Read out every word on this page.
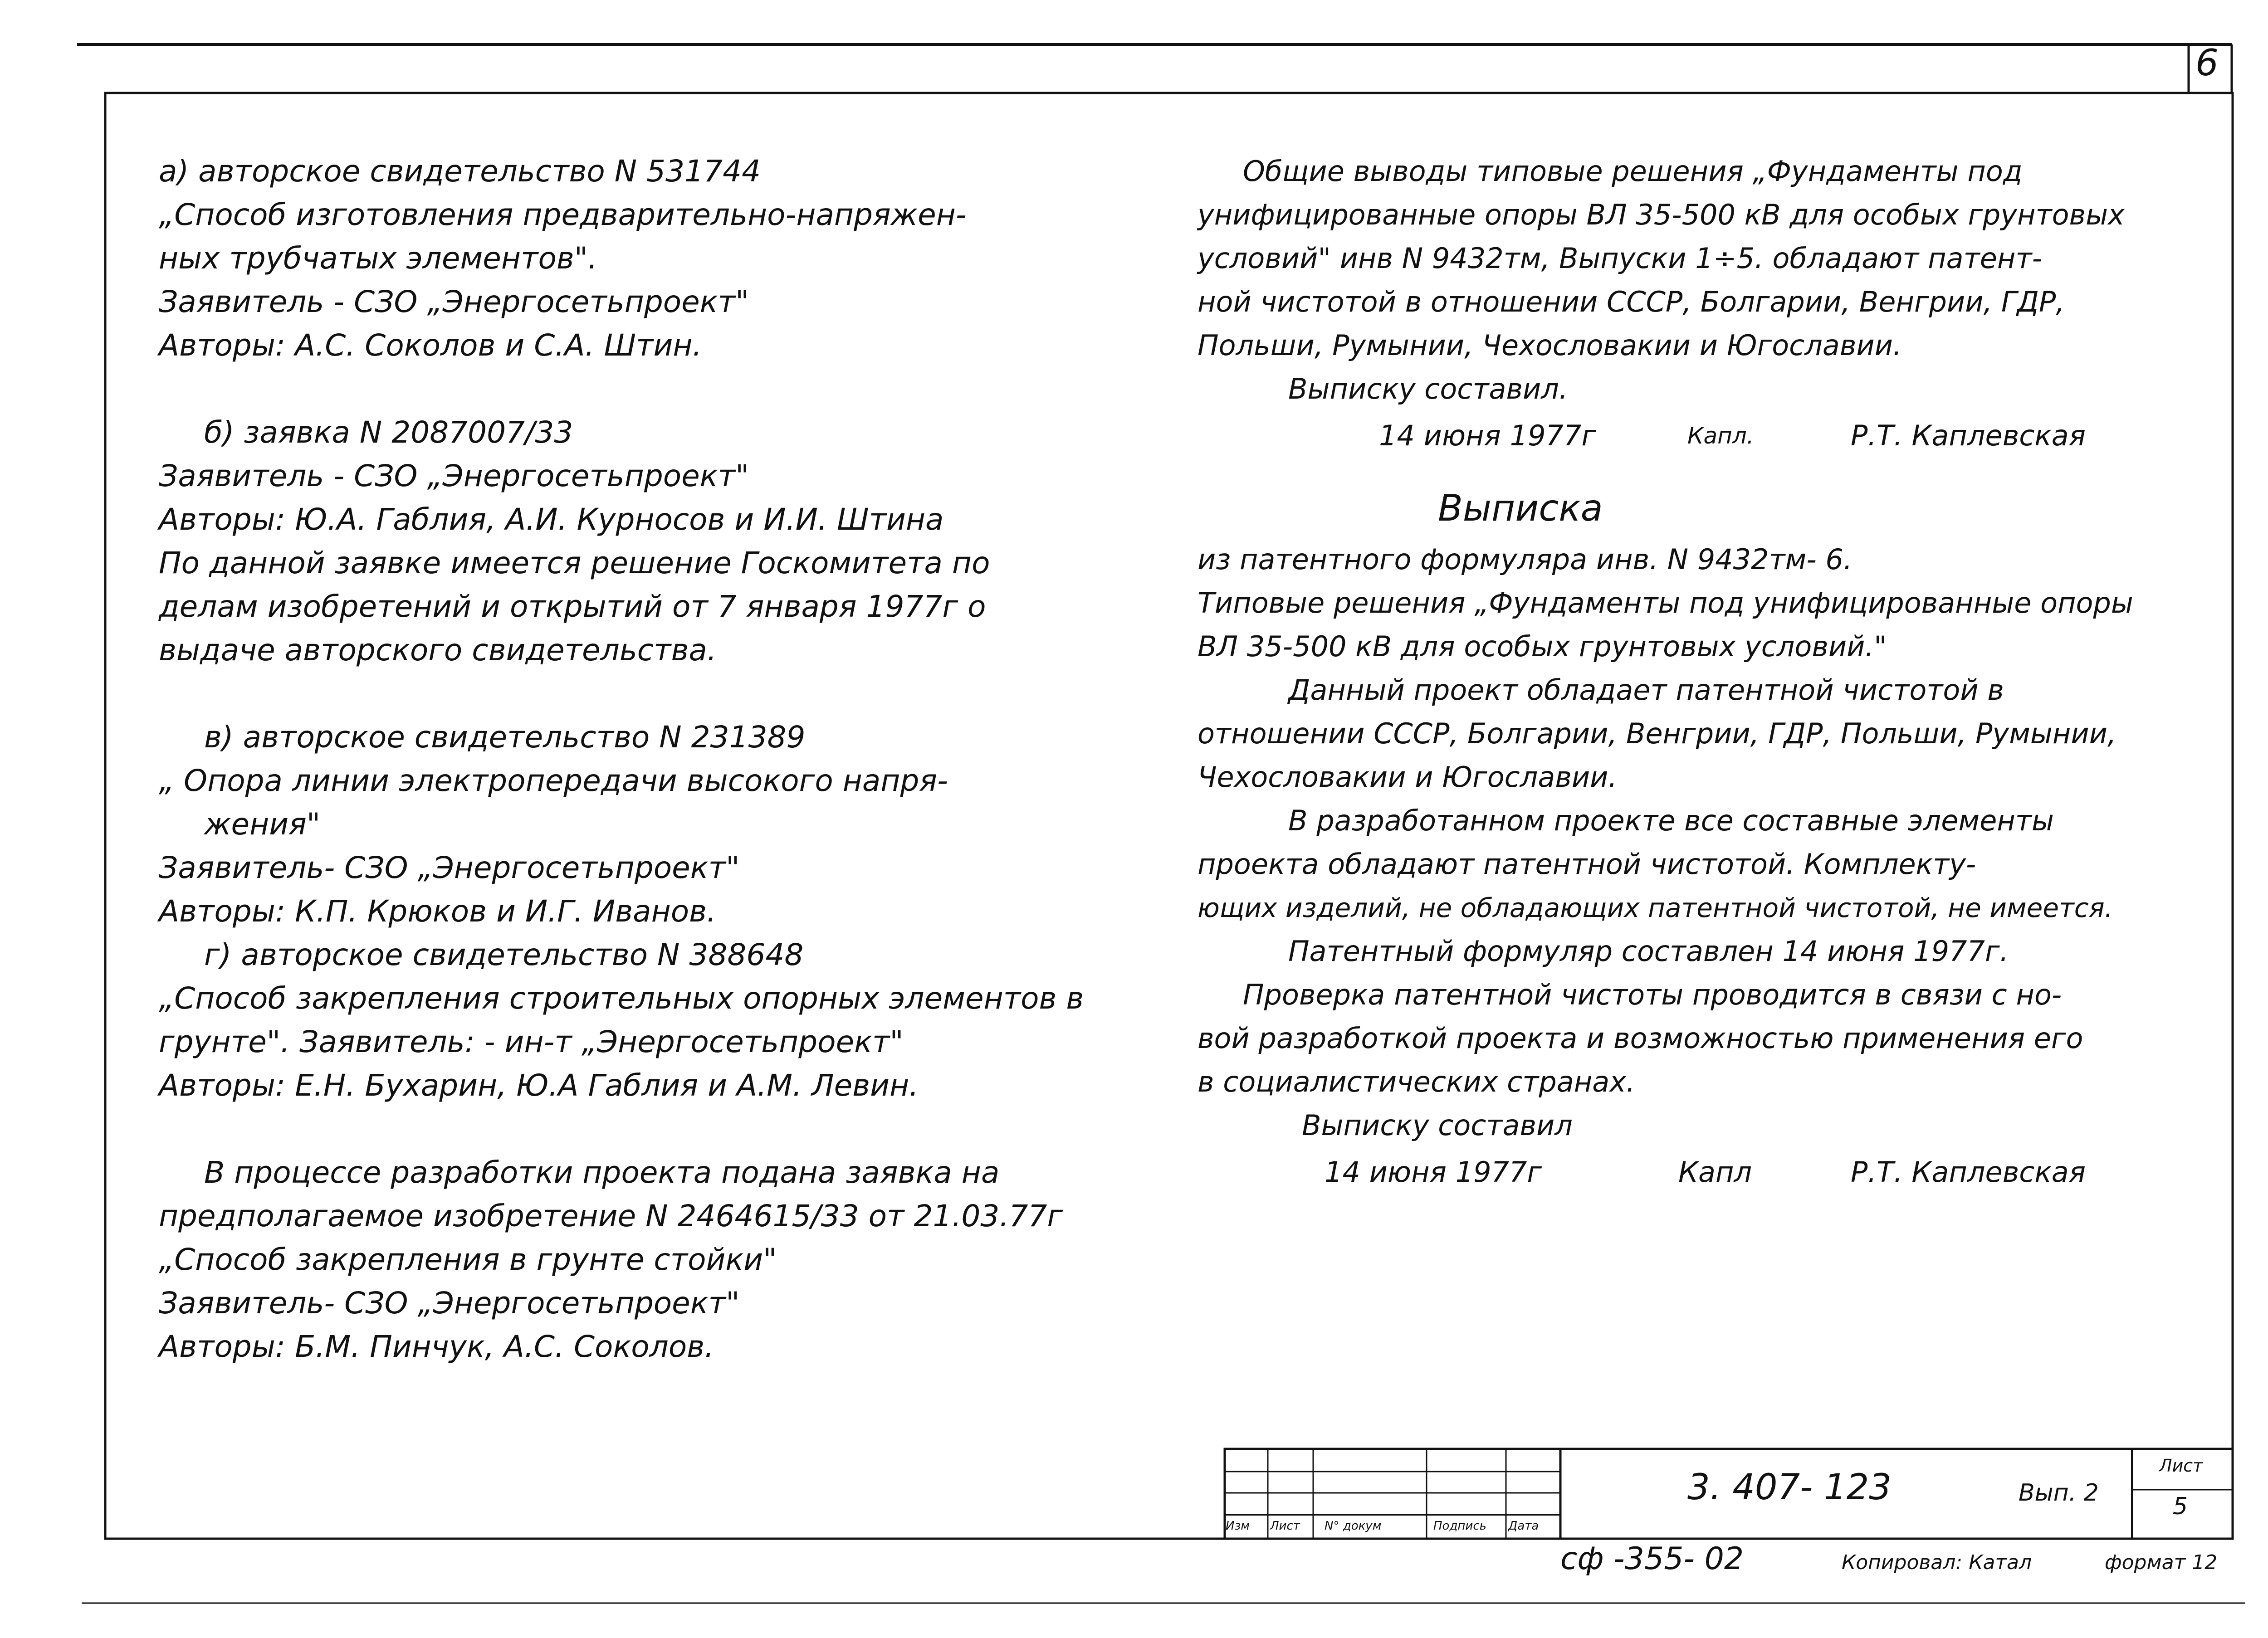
6
а) авторское свидетельство N 531744
„Способ изготовления предварительно-напряжен-
ных трубчатых элементов".
Заявитель - СЗО „Энергосетьпроект"
Авторы: А.С. Соколов и С.А. Штин.
б) заявка N 2087007/33
Заявитель - СЗО „Энергосетьпроект"
Авторы: Ю.А. Габлия, А.И. Курносов и И.И. Штина
По данной заявке имеется решение Госкомитета по
делам изобретений и открытий от 7 января 1977г о
выдаче авторского свидетельства.
в) авторское свидетельство N 231389
„ Опора линии электропередачи высокого напря-
жения"
Заявитель- СЗО „Энергосетьпроект"
Авторы: К.П. Крюков и И.Г. Иванов.
г) авторское свидетельство N 388648
„Способ закрепления строительных опорных элементов в
грунте". Заявитель: - ин-т „Энергосетьпроект"
Авторы: Е.Н. Бухарин, Ю.А Габлия и А.М. Левин.
В процессе разработки проекта подана заявка на
предполагаемое изобретение N 2464615/33 от 21.03.77г
„Способ закрепления в грунте стойки"
Заявитель- СЗО „Энергосетьпроект"
Авторы: Б.М. Пинчук, А.С. Соколов.
Общие выводы типовые решения „Фундаменты под
унифицированные опоры ВЛ 35-500 кВ для особых грунтовых
условий" инв N 9432тм, Выпуски 1÷5. обладают патент-
ной чистотой в отношении СССР, Болгарии, Венгрии, ГДР,
Польши, Румынии, Чехословакии и Югославии.
Выписку составил.
14 июня 1977г	Капл.	Р.Т. Каплевская
Выписка
из патентного формуляра инв. N 9432тм- 6.
Типовые решения „Фундаменты под унифицированные опоры
ВЛ 35-500 кВ для особых грунтовых условий."
Данный проект обладает патентной чистотой в
отношении СССР, Болгарии, Венгрии, ГДР, Польши, Румынии,
Чехословакии и Югославии.
В разработанном проекте все составные элементы
проекта обладают патентной чистотой. Комплекту-
ющих изделий, не обладающих патентной чистотой, не имеется.
Патентный формуляр составлен 14 июня 1977г.
Проверка патентной чистоты проводится в связи с но-
вой разработкой проекта и возможностью применения его
в социалистических странах.
Выписку составил
14 июня 1977г	Капл	Р.Т. Каплевская
Изм Лист N° докум	Подпись Дата
3. 407- 123	Вып. 2
Лист
5
сф -355- 02	Копировал: Катал	формат 12
